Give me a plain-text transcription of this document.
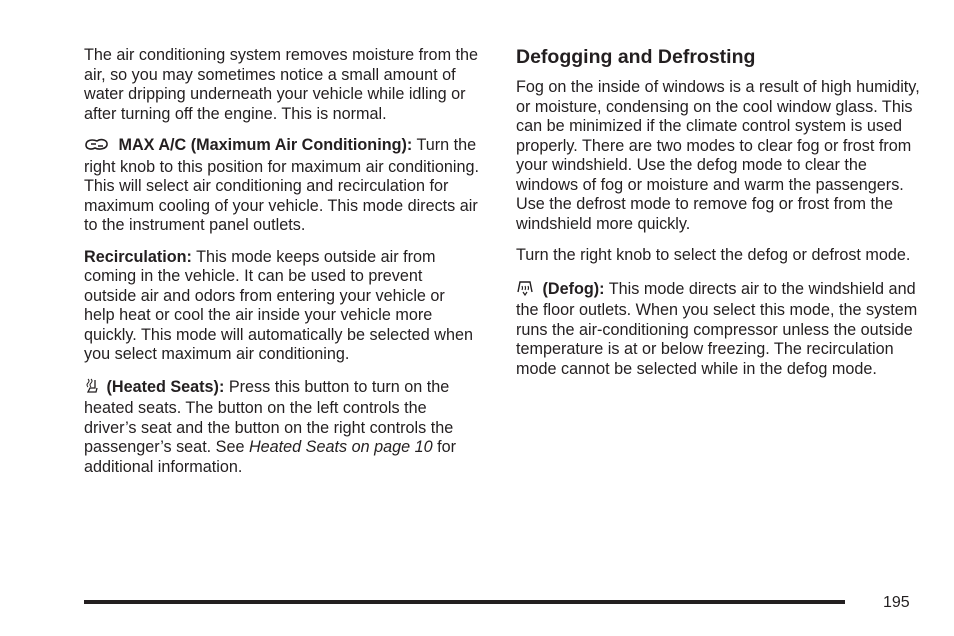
The air conditioning system removes moisture from the air, so you may sometimes notice a small amount of water dripping underneath your vehicle while idling or after turning off the engine. This is normal.

MAX A/C (Maximum Air Conditioning): Turn the right knob to this position for maximum air conditioning. This will select air conditioning and recirculation for maximum cooling of your vehicle. This mode directs air to the instrument panel outlets.

Recirculation: This mode keeps outside air from coming in the vehicle. It can be used to prevent outside air and odors from entering your vehicle or help heat or cool the air inside your vehicle more quickly. This mode will automatically be selected when you select maximum air conditioning.

(Heated Seats): Press this button to turn on the heated seats. The button on the left controls the driver’s seat and the button on the right controls the passenger’s seat. See Heated Seats on page 10 for additional information.

Defogging and Defrosting

Fog on the inside of windows is a result of high humidity, or moisture, condensing on the cool window glass. This can be minimized if the climate control system is used properly. There are two modes to clear fog or frost from your windshield. Use the defog mode to clear the windows of fog or moisture and warm the passengers. Use the defrost mode to remove fog or frost from the windshield more quickly.

Turn the right knob to select the defog or defrost mode.

(Defog): This mode directs air to the windshield and the floor outlets. When you select this mode, the system runs the air-conditioning compressor unless the outside temperature is at or below freezing. The recirculation mode cannot be selected while in the defog mode.

195
